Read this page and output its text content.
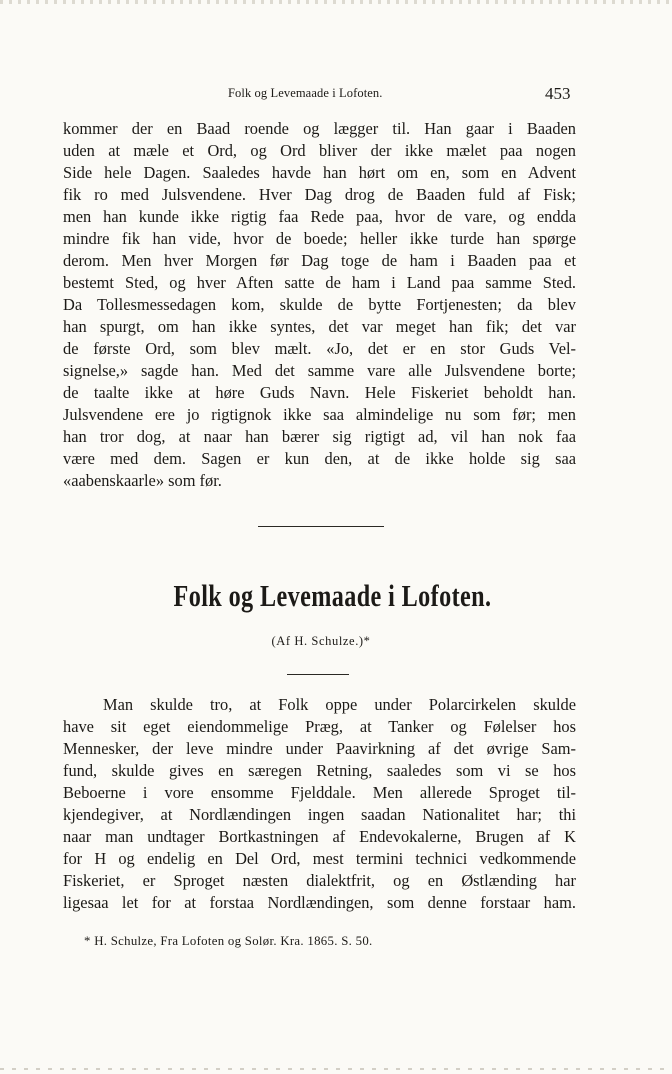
Folk og Levemaade i Lofoten.	453
kommer der en Baad roende og lægger til. Han gaar i Baaden
uden at mæle et Ord, og Ord bliver der ikke mælet paa nogen
Side hele Dagen. Saaledes havde han hørt om en, som en Advent
fik ro med Julsvendene. Hver Dag drog de Baaden fuld af Fisk;
men han kunde ikke rigtig faa Rede paa, hvor de vare, og endda
mindre fik han vide, hvor de boede; heller ikke turde han spørge
derom. Men hver Morgen før Dag toge de ham i Baaden paa et
bestemt Sted, og hver Aften satte de ham i Land paa samme Sted.
Da Tollesmessedagen kom, skulde de bytte Fortjenesten; da blev
han spurgt, om han ikke syntes, det var meget han fik; det var
de første Ord, som blev mælt. «Jo, det er en stor Guds Vel-
signelse,» sagde han. Med det samme vare alle Julsvendene borte;
de taalte ikke at høre Guds Navn. Hele Fiskeriet beholdt han.
Julsvendene ere jo rigtignok ikke saa almindelige nu som før; men
han tror dog, at naar han bærer sig rigtigt ad, vil han nok faa
være med dem. Sagen er kun den, at de ikke holde sig saa
«aabenskaarle» som før.
Folk og Levemaade i Lofoten.
(Af H. Schulze.)*
Man skulde tro, at Folk oppe under Polarcirkelen skulde
have sit eget eiendommelige Præg, at Tanker og Følelser hos
Mennesker, der leve mindre under Paavirkning af det øvrige Sam-
fund, skulde gives en særegen Retning, saaledes som vi se hos
Beboerne i vore ensomme Fjelddale. Men allerede Sproget til-
kjendegiver, at Nordlændingen ingen saadan Nationalitet har; thi
naar man undtager Bortkastningen af Endevokalerne, Brugen af K
for H og endelig en Del Ord, mest termini technici vedkommende
Fiskeriet, er Sproget næsten dialektfrit, og en Østlænding har
ligesaa let for at forstaa Nordlændingen, som denne forstaar ham.
* H. Schulze, Fra Lofoten og Solør. Kra. 1865. S. 50.
